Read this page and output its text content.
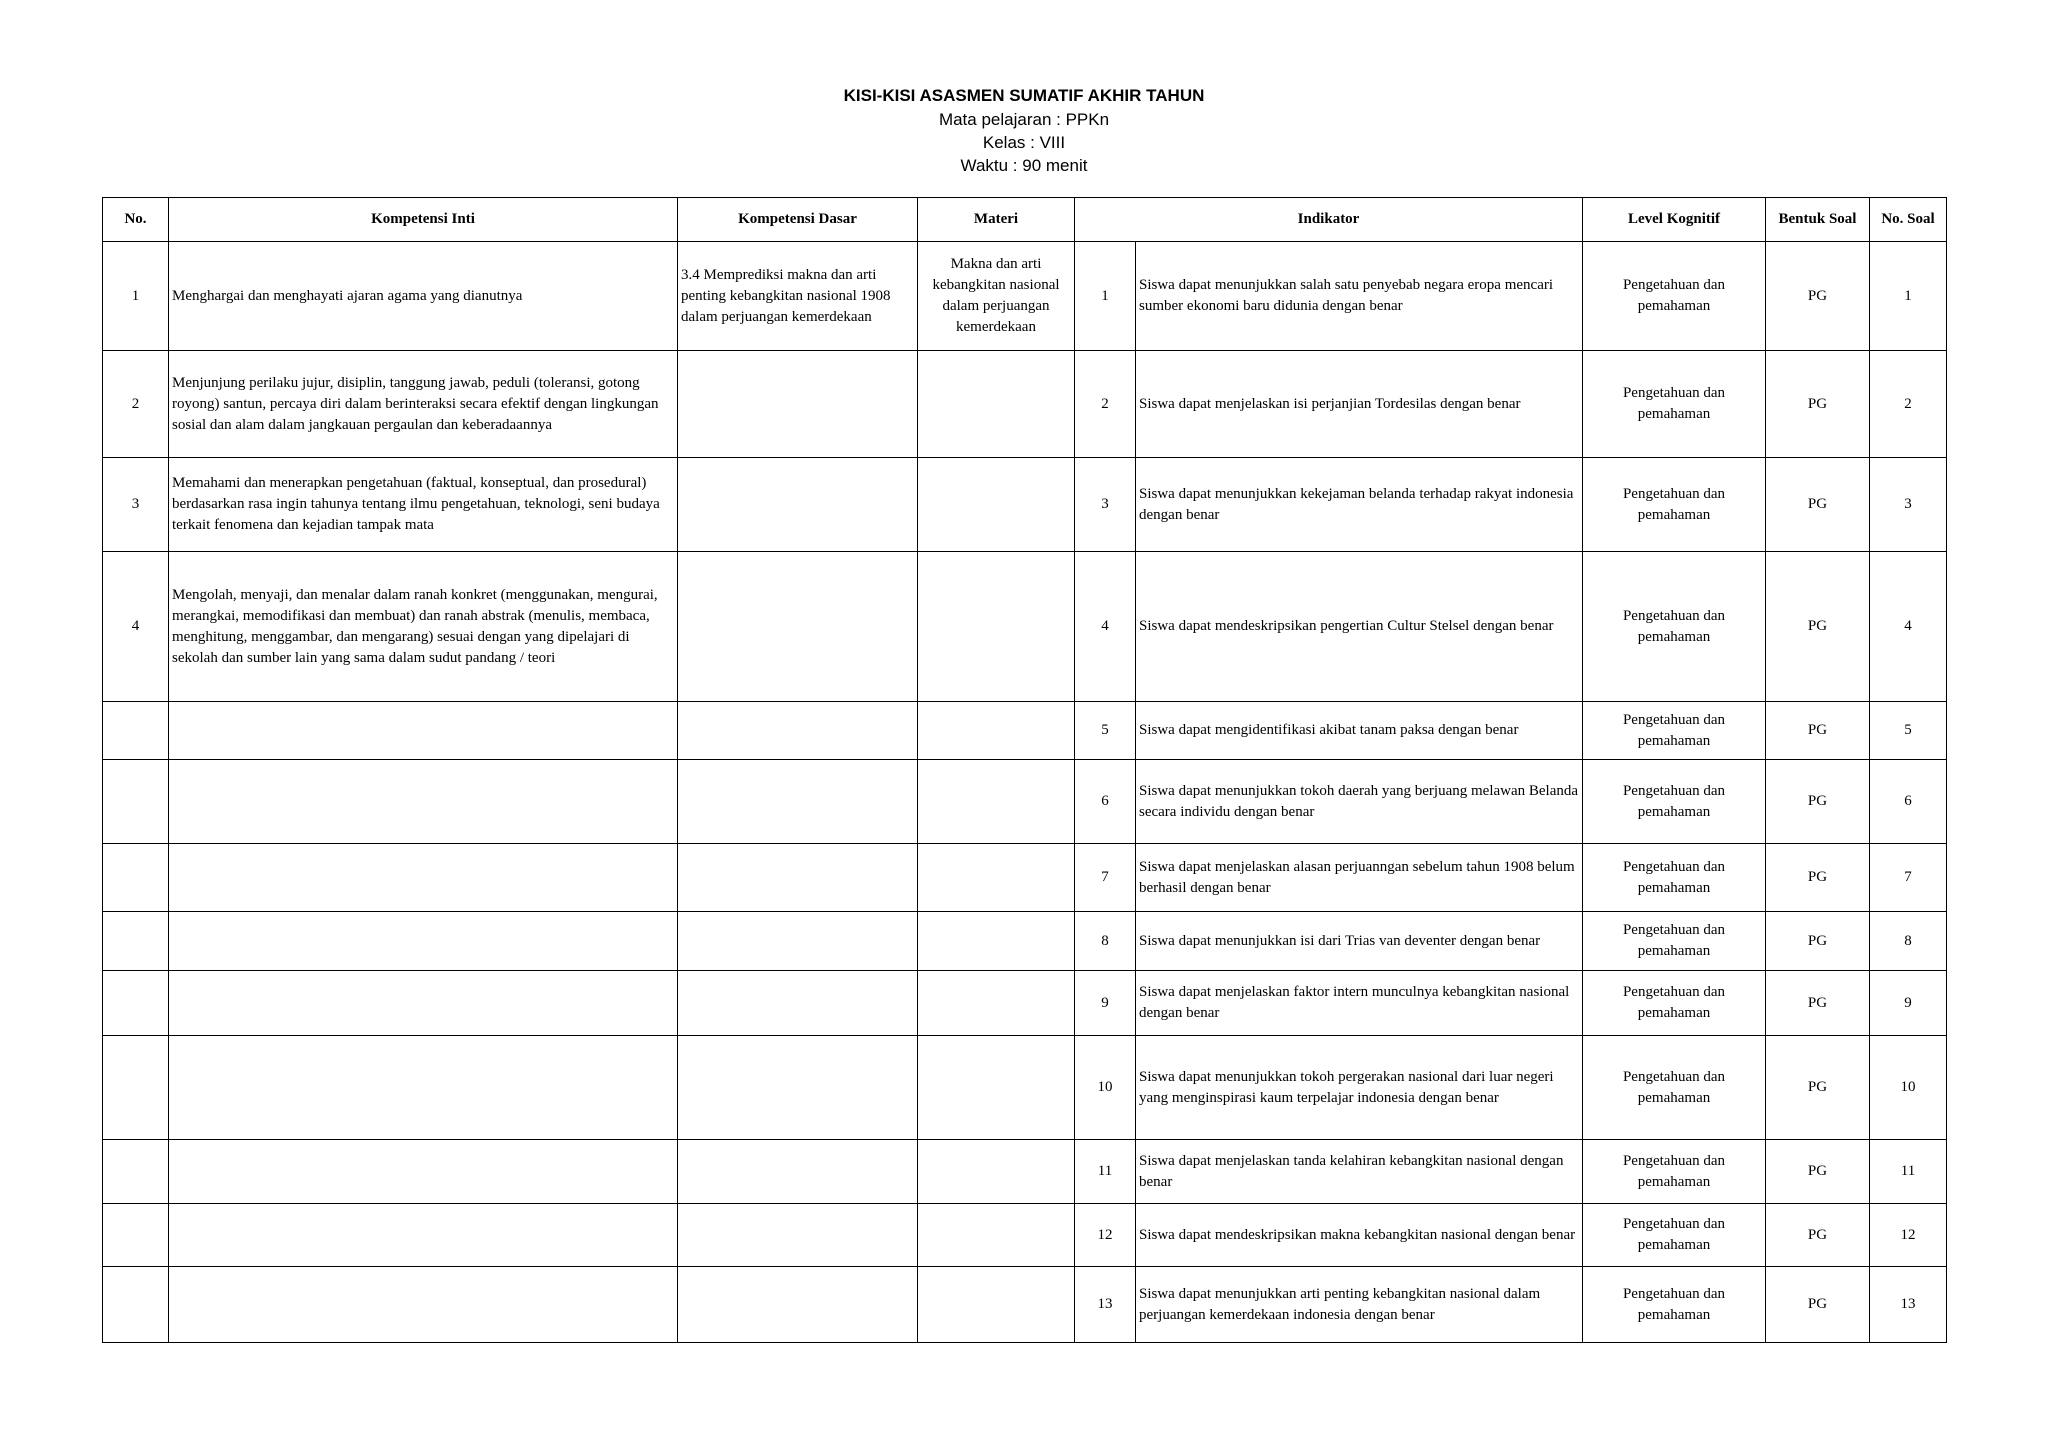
KISI-KISI ASASMEN SUMATIF AKHIR TAHUN
Mata pelajaran : PPKn
Kelas : VIII
Waktu : 90 menit
No.	Kompetensi Inti	Kompetensi Dasar	Materi	Indikator		Level Kognitif	Bentuk Soal	No. Soal
1	Menghargai dan menghayati ajaran agama yang dianutnya	3.4 Memprediksi makna dan arti penting kebangkitan nasional 1908 dalam perjuangan kemerdekaan	Makna dan arti kebangkitan nasional dalam perjuangan kemerdekaan	1	Siswa dapat menunjukkan salah satu penyebab negara eropa mencari sumber ekonomi baru didunia dengan benar	Pengetahuan dan pemahaman	PG	1
2	Menjunjung perilaku jujur, disiplin, tanggung jawab, peduli (toleransi, gotong royong) santun, percaya diri dalam berinteraksi secara efektif dengan lingkungan sosial dan alam dalam jangkauan pergaulan dan keberadaannya			2	Siswa dapat menjelaskan isi perjanjian Tordesilas dengan benar	Pengetahuan dan pemahaman	PG	2
3	Memahami dan menerapkan pengetahuan (faktual, konseptual, dan prosedural) berdasarkan rasa ingin tahunya tentang ilmu pengetahuan, teknologi, seni budaya terkait fenomena dan kejadian tampak mata			3	Siswa dapat menunjukkan kekejaman belanda terhadap rakyat indonesia dengan benar	Pengetahuan dan pemahaman	PG	3
4	Mengolah, menyaji, dan menalar dalam ranah konkret (menggunakan, mengurai, merangkai, memodifikasi dan membuat) dan ranah abstrak (menulis, membaca, menghitung, menggambar, dan mengarang) sesuai dengan yang dipelajari di sekolah dan sumber lain yang sama dalam sudut pandang / teori			4	Siswa dapat mendeskripsikan pengertian Cultur Stelsel dengan benar	Pengetahuan dan pemahaman	PG	4
				5	Siswa dapat mengidentifikasi akibat tanam paksa dengan benar	Pengetahuan dan pemahaman	PG	5
				6	Siswa dapat menunjukkan tokoh daerah yang berjuang melawan Belanda secara individu dengan benar	Pengetahuan dan pemahaman	PG	6
				7	Siswa dapat menjelaskan alasan perjuanngan sebelum tahun 1908 belum berhasil dengan benar	Pengetahuan dan pemahaman	PG	7
				8	Siswa dapat menunjukkan isi dari Trias van deventer dengan benar	Pengetahuan dan pemahaman	PG	8
				9	Siswa dapat menjelaskan faktor intern munculnya kebangkitan nasional dengan benar	Pengetahuan dan pemahaman	PG	9
				10	Siswa dapat menunjukkan tokoh pergerakan nasional dari luar negeri yang menginspirasi kaum terpelajar indonesia dengan benar	Pengetahuan dan pemahaman	PG	10
				11	Siswa dapat menjelaskan tanda kelahiran kebangkitan nasional dengan benar	Pengetahuan dan pemahaman	PG	11
				12	Siswa dapat mendeskripsikan makna kebangkitan nasional dengan benar	Pengetahuan dan pemahaman	PG	12
				13	Siswa dapat menunjukkan arti penting kebangkitan nasional dalam perjuangan kemerdekaan indonesia dengan benar	Pengetahuan dan pemahaman	PG	13
